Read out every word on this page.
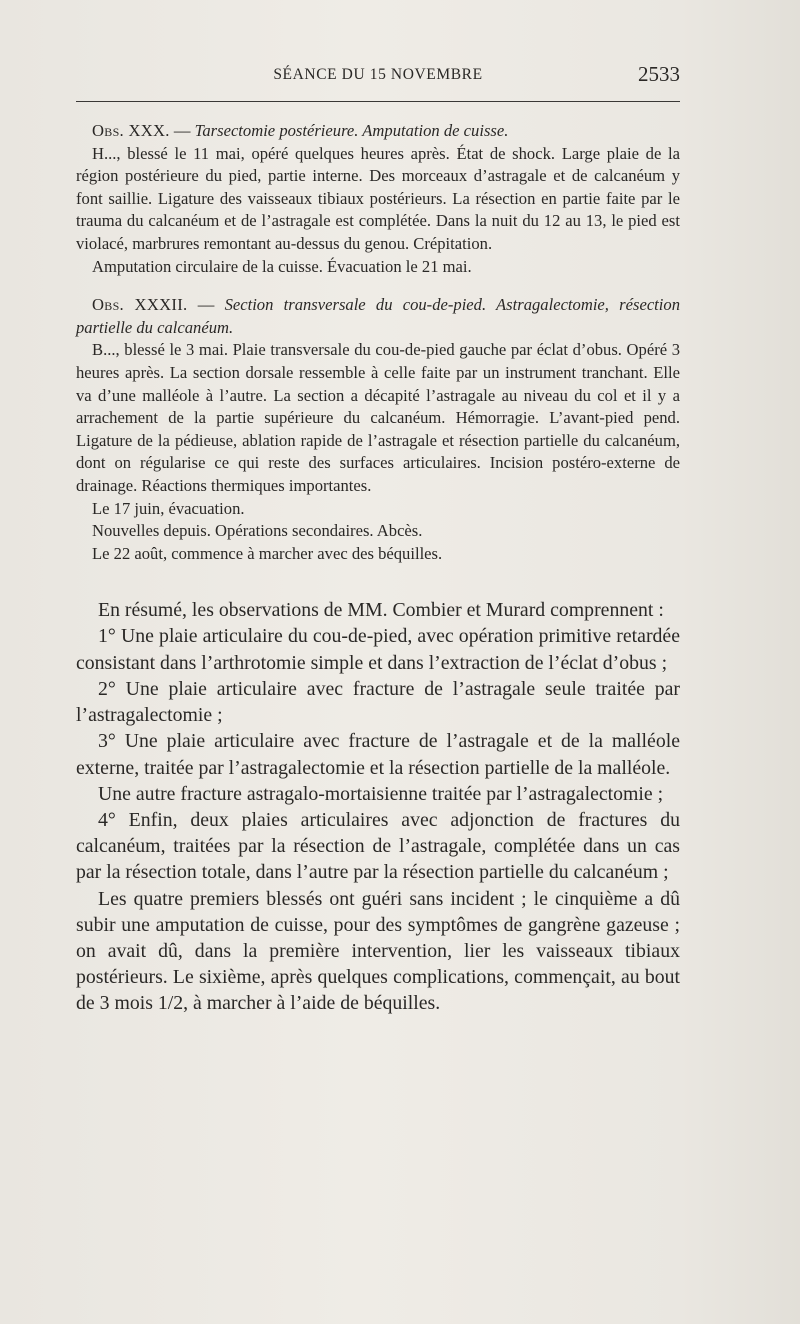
SÉANCE DU 15 NOVEMBRE	2533

Obs. XXX. — Tarsectomie postérieure. Amputation de cuisse.

H..., blessé le 11 mai, opéré quelques heures après. État de shock. Large plaie de la région postérieure du pied, partie interne. Des morceaux d’astragale et de calcanéum y font saillie. Ligature des vaisseaux tibiaux postérieurs. La résection en partie faite par le trauma du calcanéum et de l’astragale est complétée. Dans la nuit du 12 au 13, le pied est violacé, marbrures remontant au-dessus du genou. Crépitation.

Amputation circulaire de la cuisse. Évacuation le 21 mai.

Obs. XXXII. — Section transversale du cou-de-pied. Astragalectomie, résection partielle du calcanéum.

B..., blessé le 3 mai. Plaie transversale du cou-de-pied gauche par éclat d’obus. Opéré 3 heures après. La section dorsale ressemble à celle faite par un instrument tranchant. Elle va d’une malléole à l’autre. La section a décapité l’astragale au niveau du col et il y a arrachement de la partie supérieure du calcanéum. Hémorragie. L’avant-pied pend. Ligature de la pédieuse, ablation rapide de l’astragale et résection partielle du calcanéum, dont on régularise ce qui reste des surfaces articulaires. Incision postéro-externe de drainage. Réactions thermiques importantes.

Le 17 juin, évacuation.

Nouvelles depuis. Opérations secondaires. Abcès.

Le 22 août, commence à marcher avec des béquilles.

En résumé, les observations de MM. Combier et Murard comprennent :

1° Une plaie articulaire du cou-de-pied, avec opération primitive retardée consistant dans l’arthrotomie simple et dans l’extraction de l’éclat d’obus ;

2° Une plaie articulaire avec fracture de l’astragale seule traitée par l’astragalectomie ;

3° Une plaie articulaire avec fracture de l’astragale et de la malléole externe, traitée par l’astragalectomie et la résection partielle de la malléole.

Une autre fracture astragalo-mortaisienne traitée par l’astragalectomie ;

4° Enfin, deux plaies articulaires avec adjonction de fractures du calcanéum, traitées par la résection de l’astragale, complétée dans un cas par la résection totale, dans l’autre par la résection partielle du calcanéum ;

Les quatre premiers blessés ont guéri sans incident ; le cinquième a dû subir une amputation de cuisse, pour des symptômes de gangrène gazeuse ; on avait dû, dans la première intervention, lier les vaisseaux tibiaux postérieurs. Le sixième, après quelques complications, commençait, au bout de 3 mois 1/2, à marcher à l’aide de béquilles.
